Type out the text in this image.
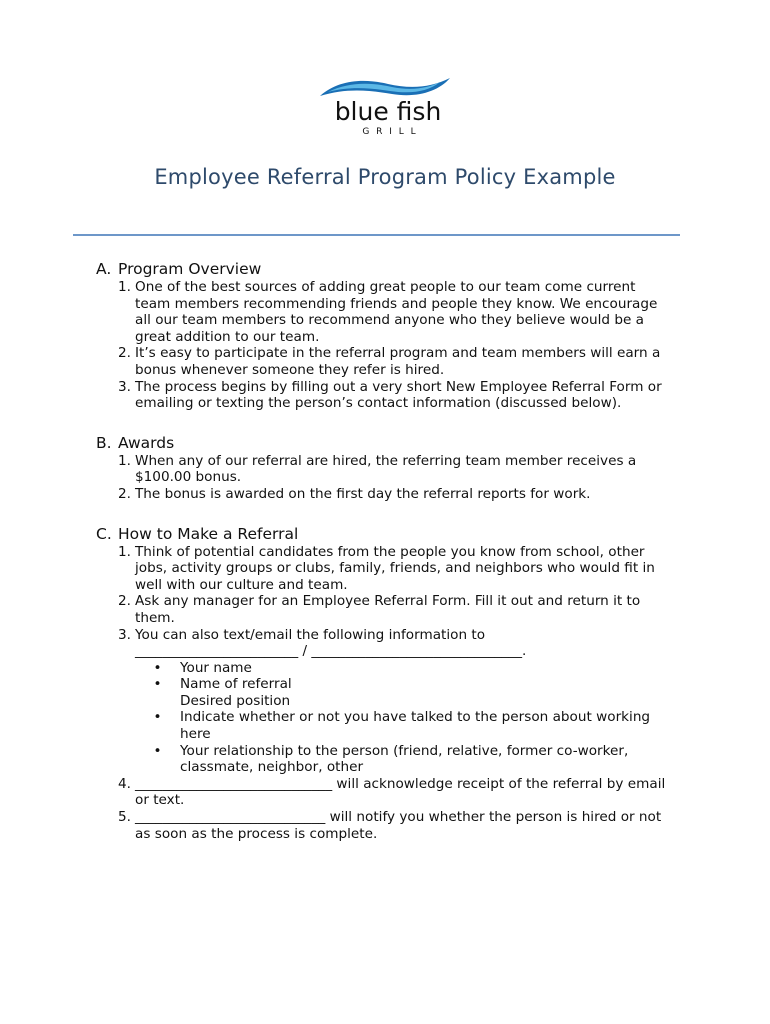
blue fish
G R I L L
Employee Referral Program Policy Example
A. Program Overview
1. One of the best sources of adding great people to our team come current team members recommending friends and people they know. We encourage all our team members to recommend anyone who they believe would be a great addition to our team.
2. It’s easy to participate in the referral program and team members will earn a bonus whenever someone they refer is hired.
3. The process begins by filling out a very short New Employee Referral Form or emailing or texting the person’s contact information (discussed below).
B. Awards
1. When any of our referral are hired, the referring team member receives a $100.00 bonus.
2. The bonus is awarded on the first day the referral reports for work.
C. How to Make a Referral
1. Think of potential candidates from the people you know from school, other jobs, activity groups or clubs, family, friends, and neighbors who would fit in well with our culture and team.
2. Ask any manager for an Employee Referral Form. Fill it out and return it to them.
3. You can also text/email the following information to
________________________ / _______________________________.
•	Your name
•	Name of referral
Desired position
•	Indicate whether or not you have talked to the person about working here
•	Your relationship to the person (friend, relative, former co-worker, classmate, neighbor, other
4. _____________________________ will acknowledge receipt of the referral by email or text.
5. ____________________________ will notify you whether the person is hired or not as soon as the process is complete.
